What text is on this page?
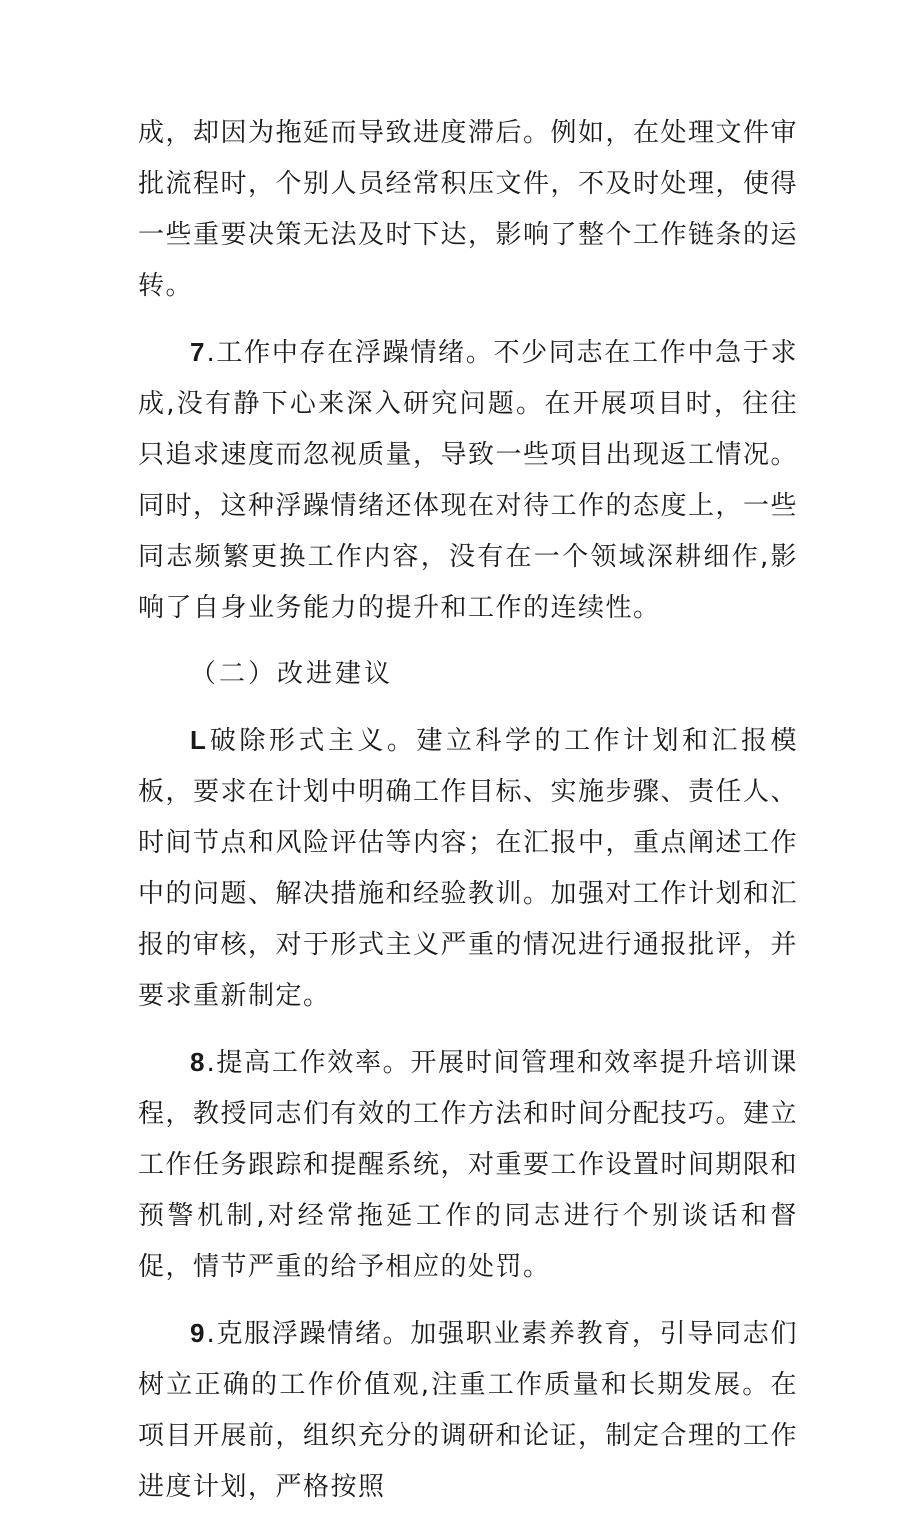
成，却因为拖延而导致进度滞后。例如，在处理文件审批流程时，个别人员经常积压文件，不及时处理，使得一些重要决策无法及时下达，影响了整个工作链条的运转。

7.工作中存在浮躁情绪。不少同志在工作中急于求成,没有静下心来深入研究问题。在开展项目时，往往只追求速度而忽视质量，导致一些项目出现返工情况。同时，这种浮躁情绪还体现在对待工作的态度上，一些同志频繁更换工作内容，没有在一个领域深耕细作,影响了自身业务能力的提升和工作的连续性。

（二）改进建议

L破除形式主义。建立科学的工作计划和汇报模板，要求在计划中明确工作目标、实施步骤、责任人、时间节点和风险评估等内容；在汇报中，重点阐述工作中的问题、解决措施和经验教训。加强对工作计划和汇报的审核，对于形式主义严重的情况进行通报批评，并要求重新制定。

8.提高工作效率。开展时间管理和效率提升培训课程，教授同志们有效的工作方法和时间分配技巧。建立工作任务跟踪和提醒系统，对重要工作设置时间期限和预警机制,对经常拖延工作的同志进行个别谈话和督促，情节严重的给予相应的处罚。

9.克服浮躁情绪。加强职业素养教育，引导同志们树立正确的工作价值观,注重工作质量和长期发展。在项目开展前，组织充分的调研和论证，制定合理的工作进度计划，严格按照
